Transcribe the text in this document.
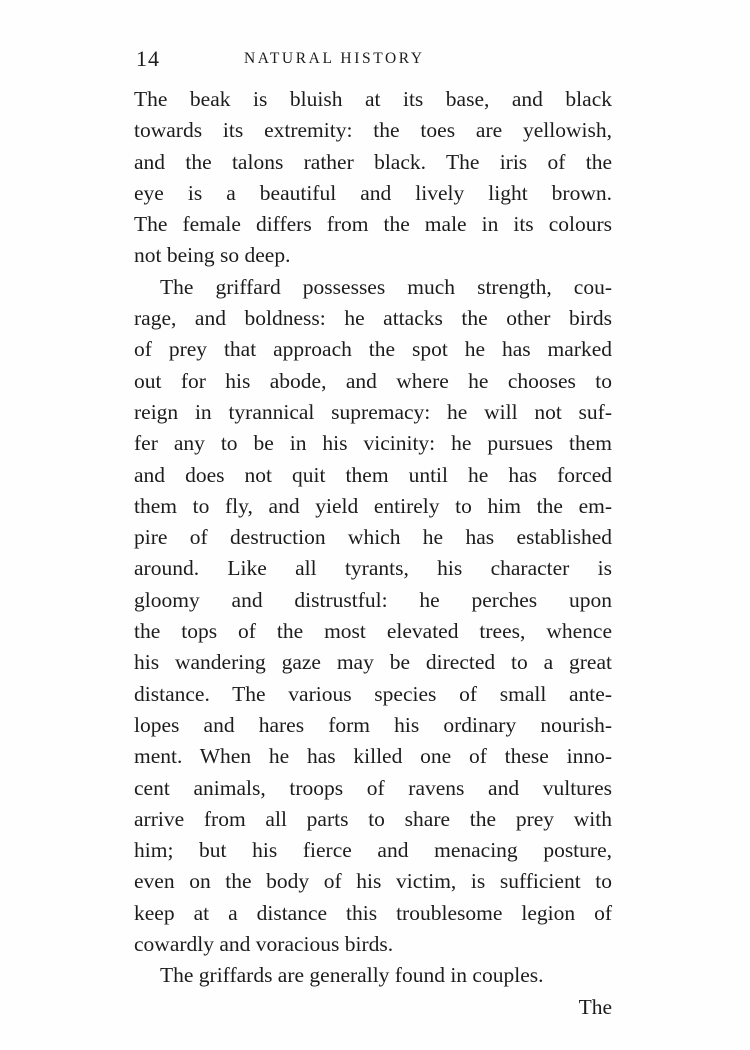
14	NATURAL HISTORY
The beak is bluish at its base, and black
towards its extremity: the toes are yellowish,
and the talons rather black. The iris of the
eye is a beautiful and lively light brown.
The female differs from the male in its colours
not being so deep.
The griffard possesses much strength, cou-
rage, and boldness: he attacks the other birds
of prey that approach the spot he has marked
out for his abode, and where he chooses to
reign in tyrannical supremacy: he will not suf-
fer any to be in his vicinity: he pursues them
and does not quit them until he has forced
them to fly, and yield entirely to him the em-
pire of destruction which he has established
around. Like all tyrants, his character is
gloomy and distrustful: he perches upon
the tops of the most elevated trees, whence
his wandering gaze may be directed to a great
distance. The various species of small ante-
lopes and hares form his ordinary nourish-
ment. When he has killed one of these inno-
cent animals, troops of ravens and vultures
arrive from all parts to share the prey with
him; but his fierce and menacing posture,
even on the body of his victim, is sufficient to
keep at a distance this troublesome legion of
cowardly and voracious birds.
The griffards are generally found in couples.
The
